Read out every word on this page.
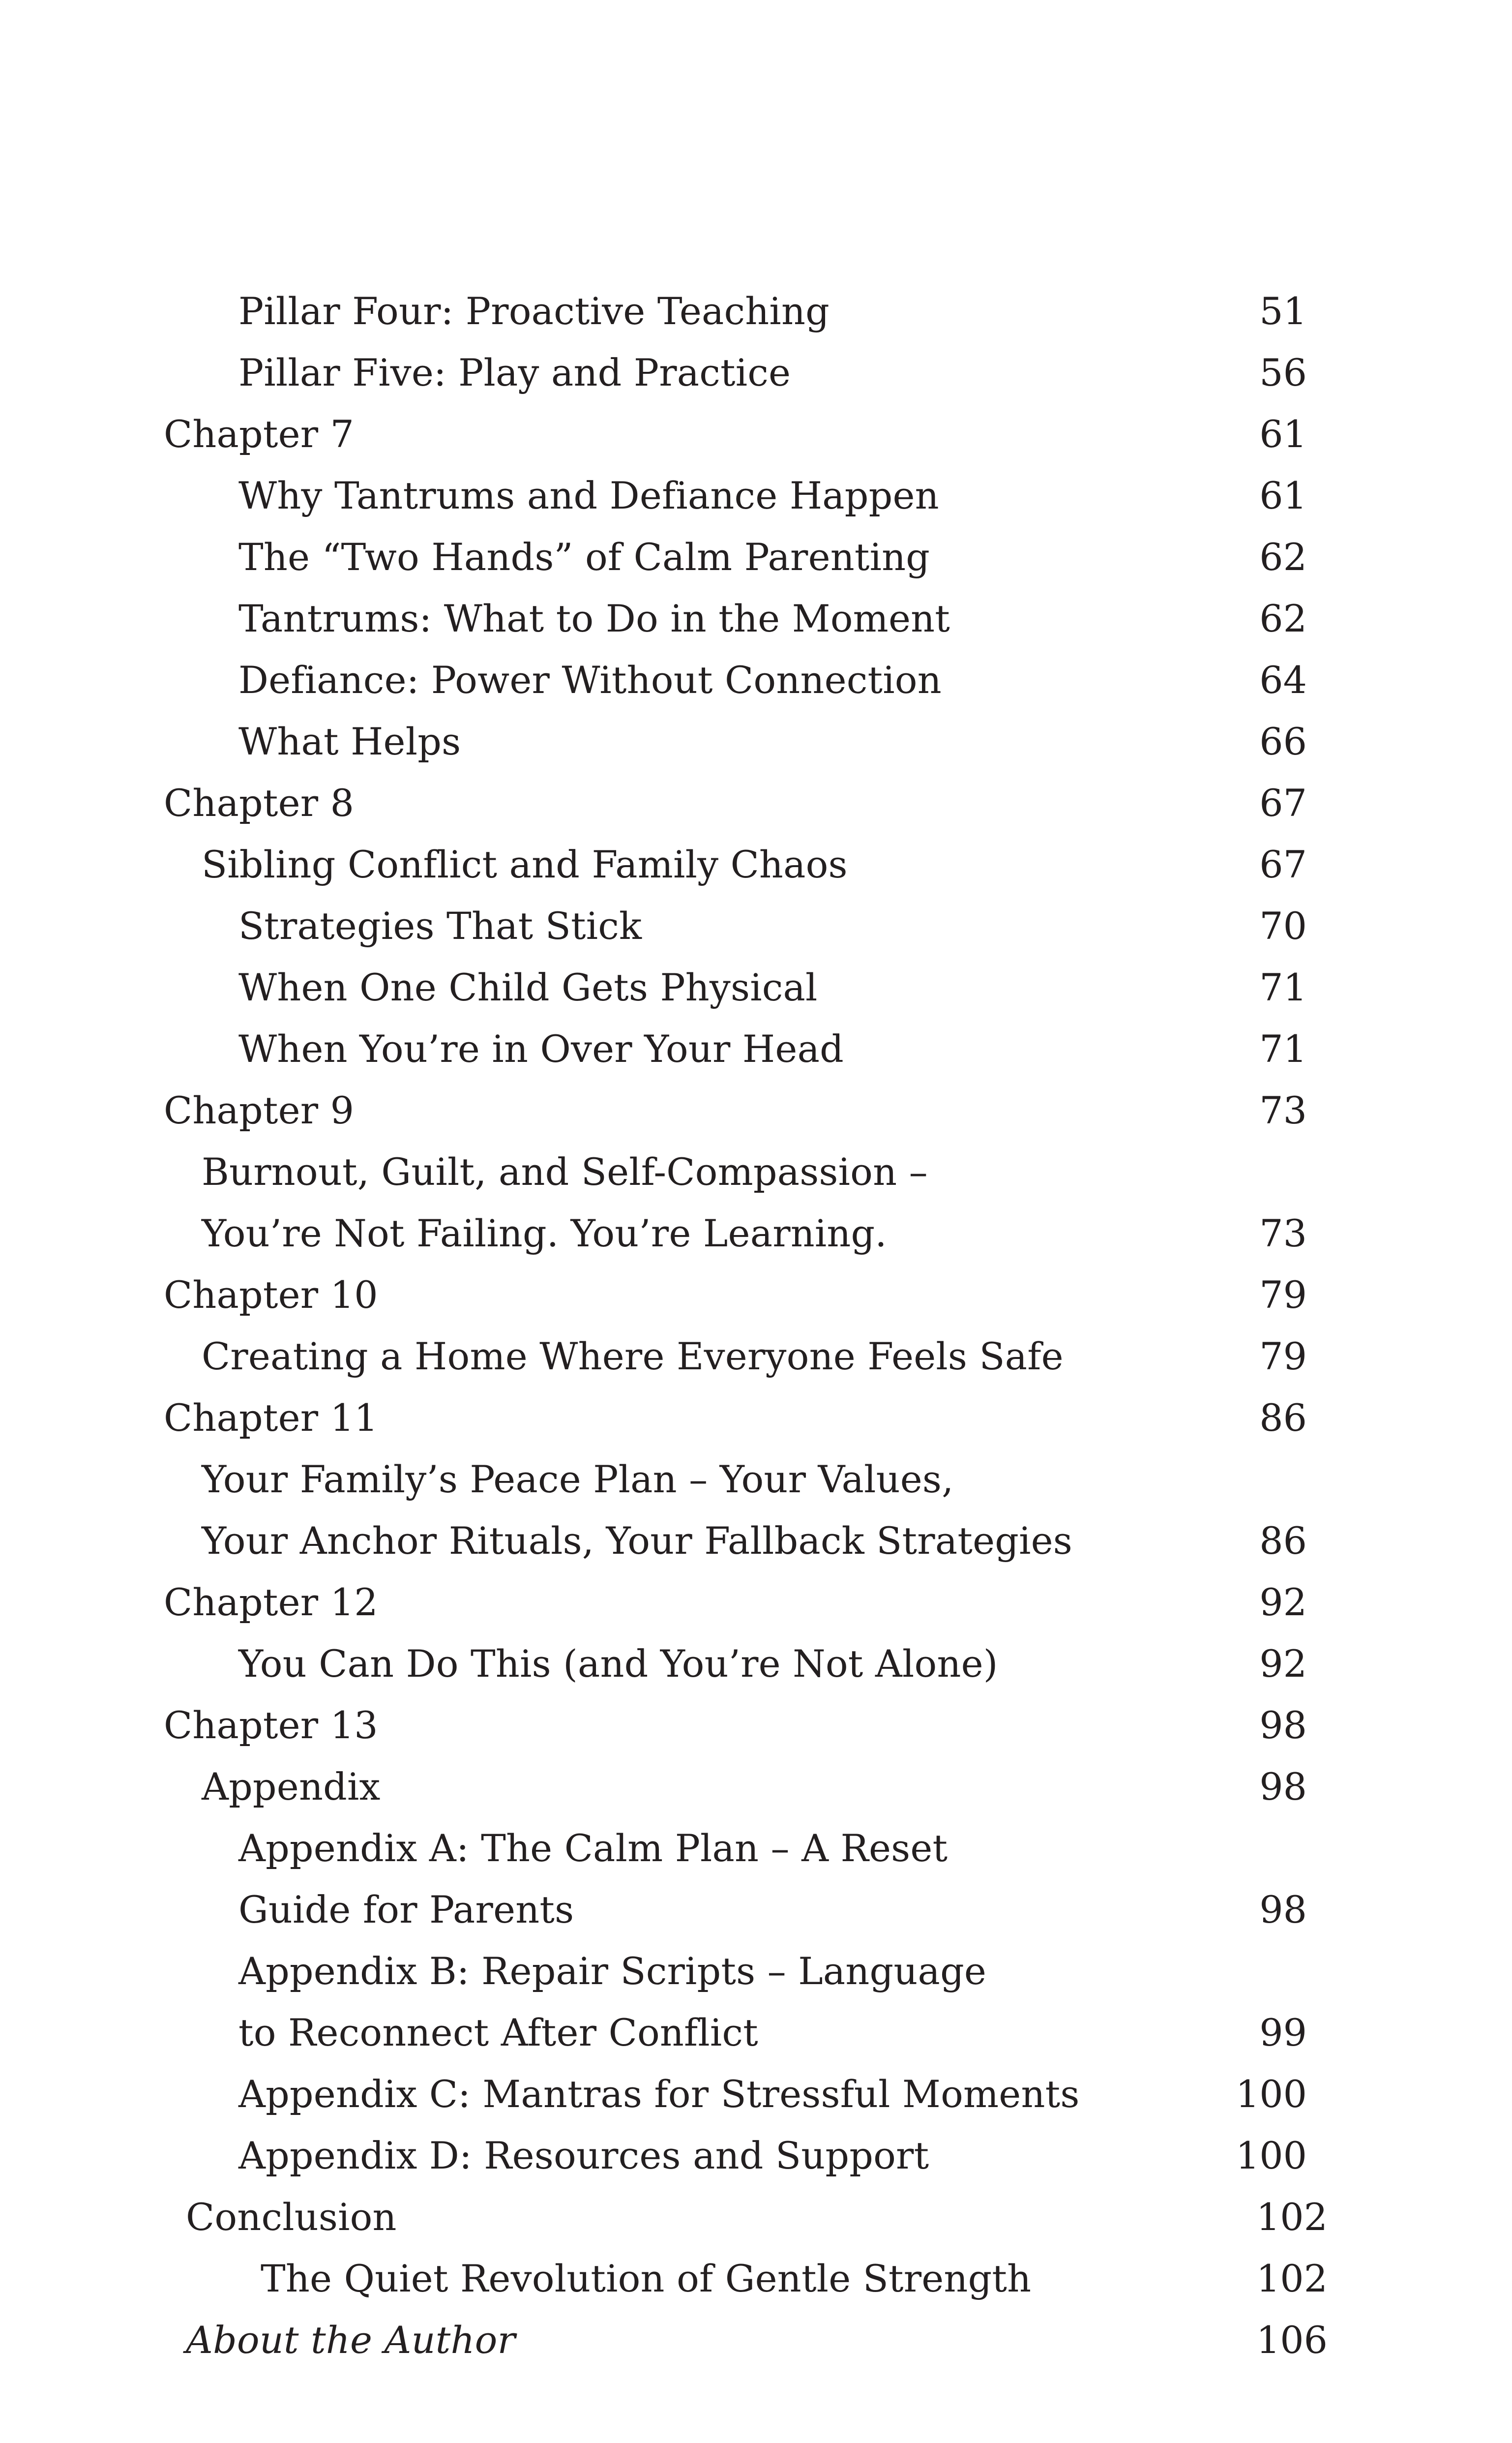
Pillar Four: Proactive Teaching	51
Pillar Five: Play and Practice	56
Chapter 7	61
Why Tantrums and Defiance Happen	61
The “Two Hands” of Calm Parenting	62
Tantrums: What to Do in the Moment	62
Defiance: Power Without Connection	64
What Helps	66
Chapter 8	67
Sibling Conflict and Family Chaos	67
Strategies That Stick	70
When One Child Gets Physical	71
When You’re in Over Your Head	71
Chapter 9	73
Burnout, Guilt, and Self-Compassion –
You’re Not Failing. You’re Learning.	73
Chapter 10	79
Creating a Home Where Everyone Feels Safe	79
Chapter 11	86
Your Family’s Peace Plan – Your Values,
Your Anchor Rituals, Your Fallback Strategies	86
Chapter 12	92
You Can Do This (and You’re Not Alone)	92
Chapter 13	98
Appendix	98
Appendix A: The Calm Plan – A Reset
Guide for Parents	98
Appendix B: Repair Scripts – Language
to Reconnect After Conflict	99
Appendix C: Mantras for Stressful Moments	100
Appendix D: Resources and Support	100
Conclusion	102
The Quiet Revolution of Gentle Strength	102
About the Author	106
